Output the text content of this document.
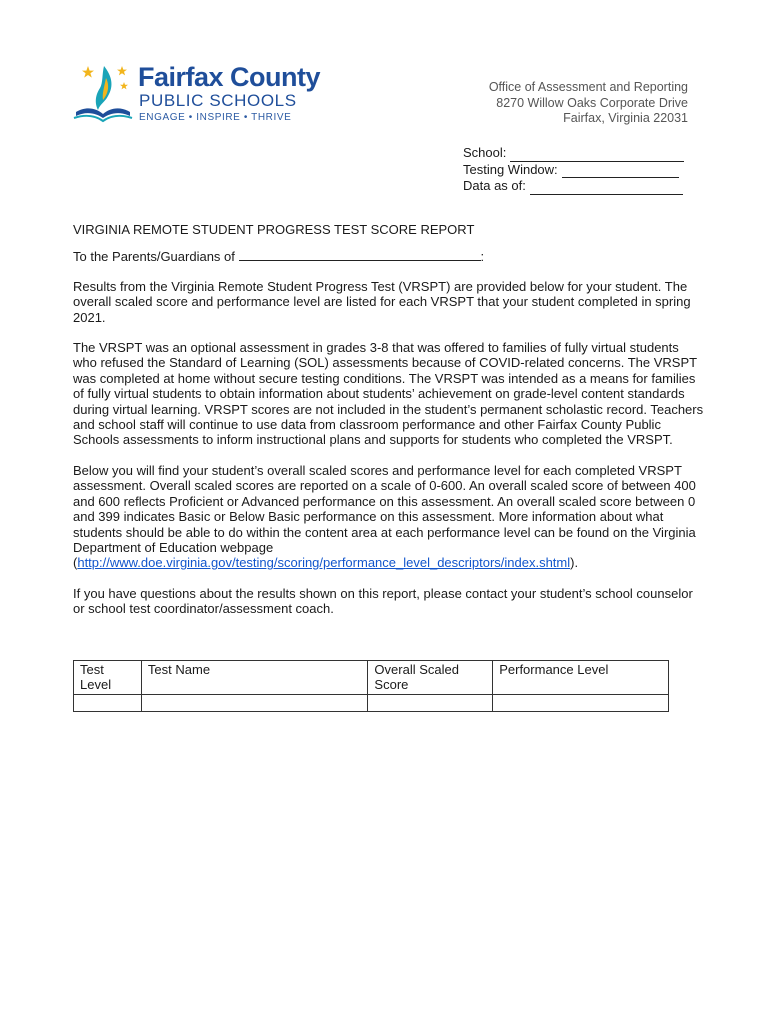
Fairfax County
PUBLIC SCHOOLS
ENGAGE • INSPIRE • THRIVE
Office of Assessment and Reporting
8270 Willow Oaks Corporate Drive
Fairfax, Virginia 22031
School:
Testing Window:
Data as of:
VIRGINIA REMOTE STUDENT PROGRESS TEST SCORE REPORT
To the Parents/Guardians of	:

Results from the Virginia Remote Student Progress Test (VRSPT) are provided below for your student. The overall scaled score and performance level are listed for each VRSPT that your student completed in spring 2021.

The VRSPT was an optional assessment in grades 3-8 that was offered to families of fully virtual students who refused the Standard of Learning (SOL) assessments because of COVID-related concerns. The VRSPT was completed at home without secure testing conditions. The VRSPT was intended as a means for families of fully virtual students to obtain information about students’ achievement on grade-level content standards during virtual learning. VRSPT scores are not included in the student’s permanent scholastic record. Teachers and school staff will continue to use data from classroom performance and other Fairfax County Public Schools assessments to inform instructional plans and supports for students who completed the VRSPT.

Below you will find your student’s overall scaled scores and performance level for each completed VRSPT assessment. Overall scaled scores are reported on a scale of 0-600. An overall scaled score of between 400 and 600 reflects Proficient or Advanced performance on this assessment. An overall scaled score between 0 and 399 indicates Basic or Below Basic performance on this assessment. More information about what students should be able to do within the content area at each performance level can be found on the Virginia Department of Education webpage (http://www.doe.virginia.gov/testing/scoring/performance_level_descriptors/index.shtml).

If you have questions about the results shown on this report, please contact your student’s school counselor or school test coordinator/assessment coach.

Test Level	Test Name	Overall Scaled Score	Performance Level
